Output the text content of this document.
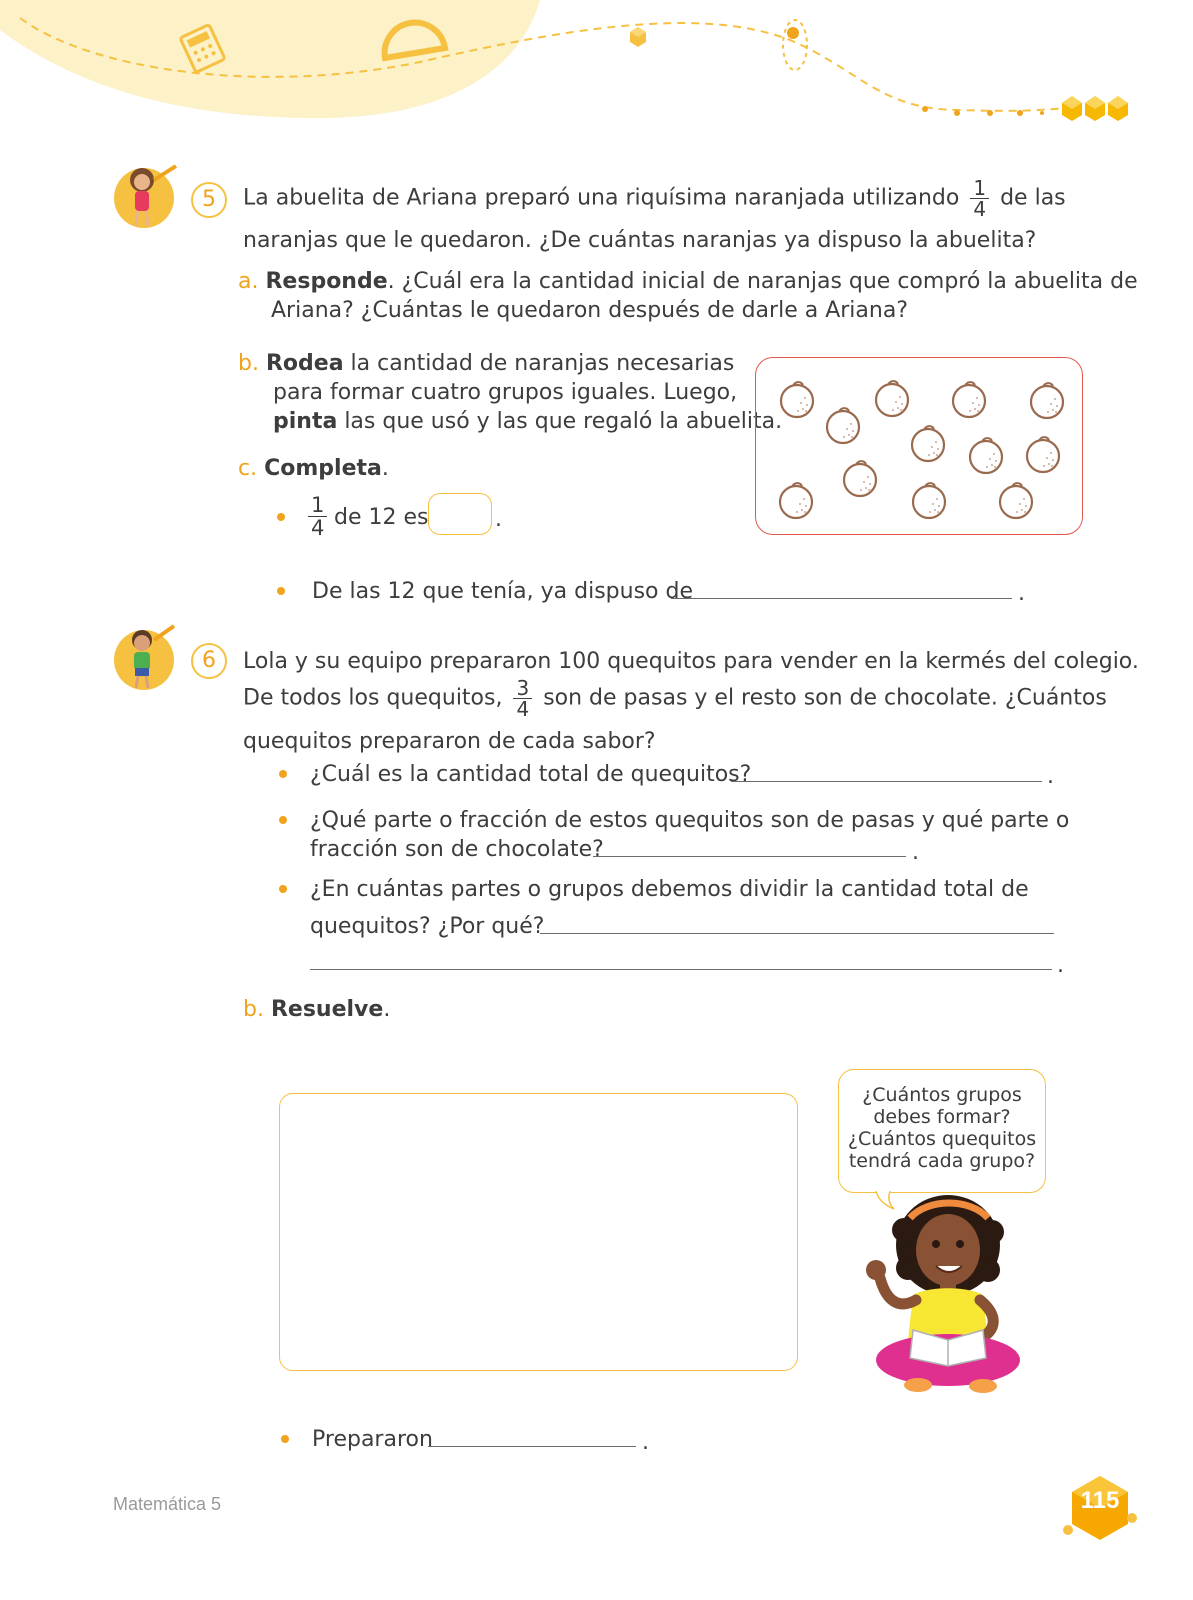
5	La abuelita de Ariana preparó una riquísima naranjada utilizando $\frac{1}{4}$ de las
naranjas que le quedaron. ¿De cuántas naranjas ya dispuso la abuelita?
a. Responde. ¿Cuál era la cantidad inicial de naranjas que compró la abuelita de
Ariana? ¿Cuántas le quedaron después de darle a Ariana?
b. Rodea la cantidad de naranjas necesarias
para formar cuatro grupos iguales. Luego,
pinta las que usó y las que regaló la abuelita.
c. Completa.
$\frac{1}{4}$ de 12 es	.
De las 12 que tenía, ya dispuso de	.
6	Lola y su equipo prepararon 100 quequitos para vender en la kermés del colegio.
De todos los quequitos, $\frac{3}{4}$ son de pasas y el resto son de chocolate. ¿Cuántos
quequitos prepararon de cada sabor?
¿Cuál es la cantidad total de quequitos?	.
¿Qué parte o fracción de estos quequitos son de pasas y qué parte o
fracción son de chocolate?	.
¿En cuántas partes o grupos debemos dividir la cantidad total de
quequitos? ¿Por qué?
.
b. Resuelve.
¿Cuántos grupos
debes formar?
¿Cuántos quequitos
tendrá cada grupo?
Prepararon	.
Matemática 5	115
